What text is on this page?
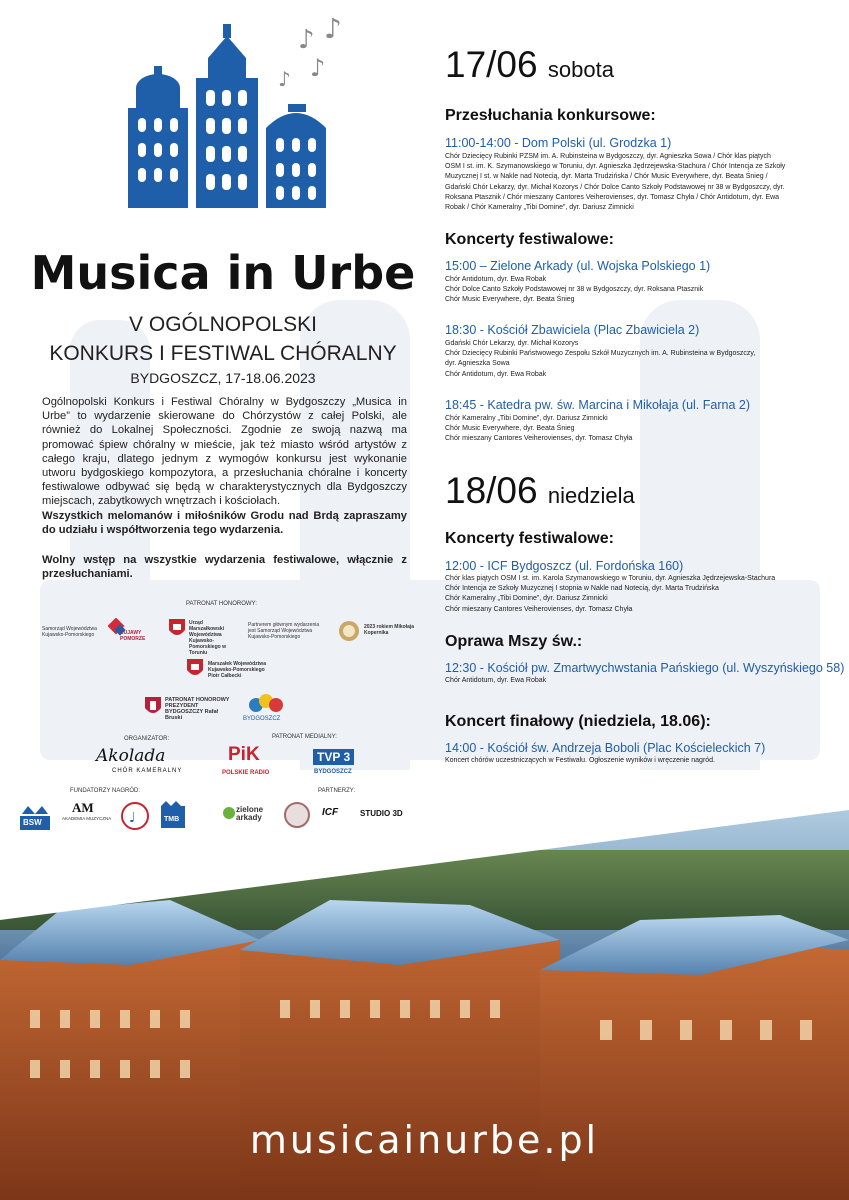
musicainurbe.pl
♪ ♪
♪
♪
Musica in Urbe
V OGÓLNOPOLSKI
KONKURS I FESTIWAL CHÓRALNY
BYDGOSZCZ, 17-18.06.2023

Ogólnopolski Konkurs i Festiwal Chóralny w Bydgoszczy „Musica in Urbe” to wydarzenie skierowane do Chórzystów z całej Polski, ale również do Lokalnej Społeczności. Zgodnie ze swoją nazwą ma promować śpiew chóralny w mieście, jak też miasto wśród artystów z całego kraju, dlatego jednym z wymogów konkursu jest wykonanie utworu bydgoskiego kompozytora, a przesłuchania chóralne i koncerty festiwalowe odbywać się będą w charakterystycznych dla Bydgoszczy miejscach, zabytkowych wnętrzach i kościołach.

Wszystkich melomanów i miłośników Grodu nad Brdą zapraszamy do udziału i współtworzenia tego wydarzenia.

Wolny wstęp na wszystkie wydarzenia festiwalowe, włącznie z przesłuchaniami.

PATRONAT HONOROWY:
Samorząd Województwa Kujawsko-Pomorskiego	KUJAWY POMORZE
Urząd Marszałkowski Województwa Kujawsko-Pomorskiego w Toruniu
Partnerem głównym wydarzenia jest Samorząd Województwa Kujawsko-Pomorskiego
2023 rokiem Mikołaja Kopernika
Marszałek Województwa Kujawsko-Pomorskiego Piotr Całbecki
PATRONAT HONOROWY PREZYDENT BYDGOSZCZY Rafał Bruski	BYDGOSZCZ
ORGANIZATOR:
Akolada
CHÓR KAMERALNY
PATRONAT MEDIALNY:
PiK
POLSKIE RADIO
TVP 3
BYDGOSZCZ
FUNDATORZY NAGRÓD:
BSW
AM
AKADEMIA MUZYCZNA	♩	TMB
PARTNERZY:
zielone arkady	ICF	STUDIO 3D
17/06 sobota
Przesłuchania konkursowe:
11:00-14:00 - Dom Polski (ul. Grodzka 1)
Chór Dziecięcy Rubinki PZSM im. A. Rubinsteina w Bydgoszczy, dyr. Agnieszka Sowa / Chór klas piątych
OSM I st. im. K. Szymanowskiego w Toruniu, dyr. Agnieszka Jędrzejewska-Stachura / Chór Intencja ze Szkoły
Muzycznej I st. w Nakle nad Notecią, dyr. Marta Trudzińska / Chór Music Everywhere, dyr. Beata Śnieg /
Gdański Chór Lekarzy, dyr. Michał Kozorys / Chór Dolce Canto Szkoły Podstawowej nr 38 w Bydgoszczy, dyr.
Roksana Ptasznik / Chór mieszany Cantores Veiherovienses, dyr. Tomasz Chyła / Chór Antidotum, dyr. Ewa
Robak / Chór Kameralny „Tibi Domine”, dyr. Dariusz Zimnicki
Koncerty festiwalowe:
15:00 – Zielone Arkady (ul. Wojska Polskiego 1)
Chór Antidotum, dyr. Ewa Robak
Chór Dolce Canto Szkoły Podstawowej nr 38 w Bydgoszczy, dyr. Roksana Ptasznik
Chór Music Everywhere, dyr. Beata Śnieg
18:30 - Kościół Zbawiciela (Plac Zbawiciela 2)
Gdański Chór Lekarzy, dyr. Michał Kozorys
Chór Dziecięcy Rubinki Państwowego Zespołu Szkół Muzycznych im. A. Rubinsteina w Bydgoszczy,
dyr. Agnieszka Sowa
Chór Antidotum, dyr. Ewa Robak
18:45 - Katedra pw. św. Marcina i Mikołaja (ul. Farna 2)
Chór Kameralny „Tibi Domine”, dyr. Dariusz Zimnicki
Chór Music Everywhere, dyr. Beata Śnieg
Chór mieszany Cantores Veiherovienses, dyr. Tomasz Chyła
18/06 niedziela
Koncerty festiwalowe:
12:00 - ICF Bydgoszcz (ul. Fordońska 160)
Chór klas piątych OSM I st. im. Karola Szymanowskiego w Toruniu, dyr. Agnieszka Jędrzejewska-Stachura
Chór Intencja ze Szkoły Muzycznej I stopnia w Nakle nad Notecią, dyr. Marta Trudzińska
Chór Kameralny „Tibi Domine”, dyr. Dariusz Zimnicki
Chór mieszany Cantores Veiherovienses, dyr. Tomasz Chyła
Oprawa Mszy św.:
12:30 - Kościół pw. Zmartwychwstania Pańskiego (ul. Wyszyńskiego 58)
Chór Antidotum, dyr. Ewa Robak
Koncert finałowy (niedziela, 18.06):
14:00 - Kościół św. Andrzeja Boboli (Plac Kościeleckich 7)
Koncert chórów uczestniczących w Festiwalu. Ogłoszenie wyników i wręczenie nagród.
